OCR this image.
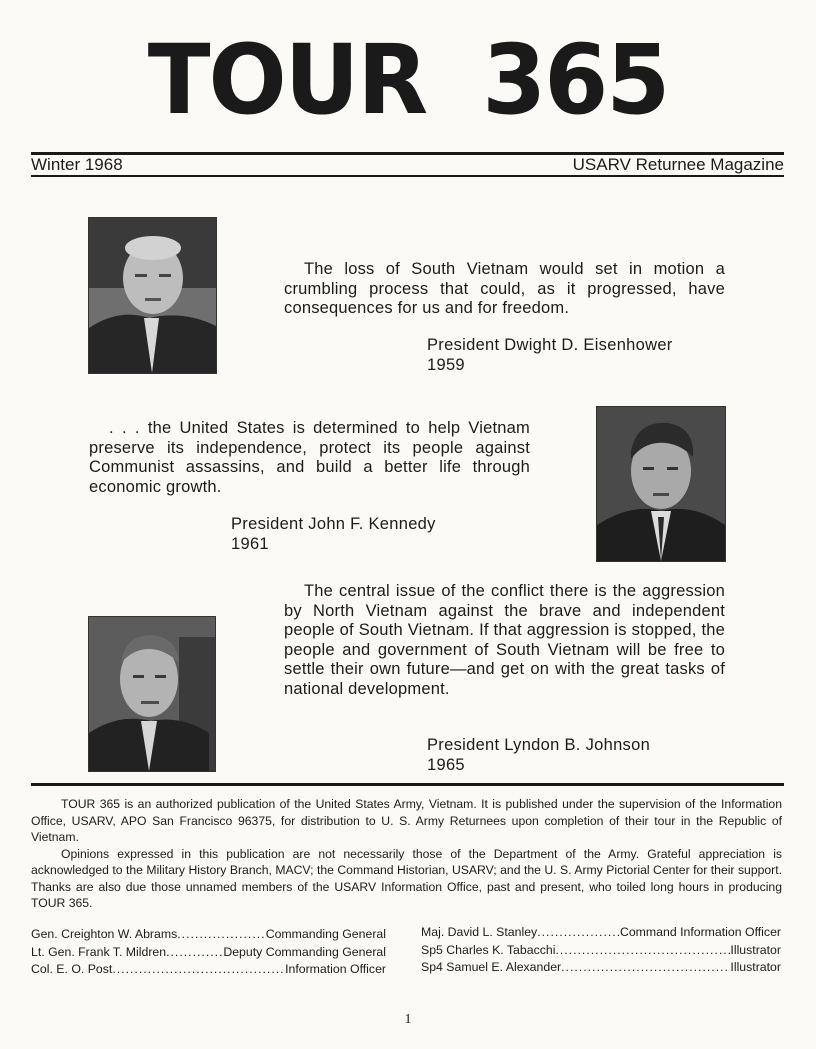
TOUR 365
Winter 1968	USARV Returnee Magazine

The loss of South Vietnam would set in motion a crumbling process that could, as it progressed, have consequences for us and for freedom.

President Dwight D. Eisenhower
1959

. . . the United States is determined to help Vietnam preserve its independence, protect its people against Communist assassins, and build a better life through economic growth.

President John F. Kennedy
1961

The central issue of the conflict there is the aggression by North Vietnam against the brave and independent people of South Vietnam. If that aggression is stopped, the people and government of South Vietnam will be free to settle their own future—and get on with the great tasks of national development.

President Lyndon B. Johnson
1965

TOUR 365 is an authorized publication of the United States Army, Vietnam. It is published under the supervision of the Information Office, USARV, APO San Francisco 96375, for distribution to U. S. Army Returnees upon completion of their tour in the Republic of Vietnam.

Opinions expressed in this publication are not necessarily those of the Department of the Army. Grateful appreciation is acknowledged to the Military History Branch, MACV; the Command Historian, USARV; and the U. S. Army Pictorial Center for their support. Thanks are also due those unnamed members of the USARV Information Office, past and present, who toiled long hours in producing TOUR 365.

Gen. Creighton W. Abrams .....	Commanding General
Lt. Gen. Frank T. Mildren .....	Deputy Commanding General
Col. E. O. Post .....	Information Officer
Maj. David L. Stanley .....	Command Information Officer
Sp5 Charles K. Tabacchi .....	Illustrator
Sp4 Samuel E. Alexander .....	Illustrator
1
